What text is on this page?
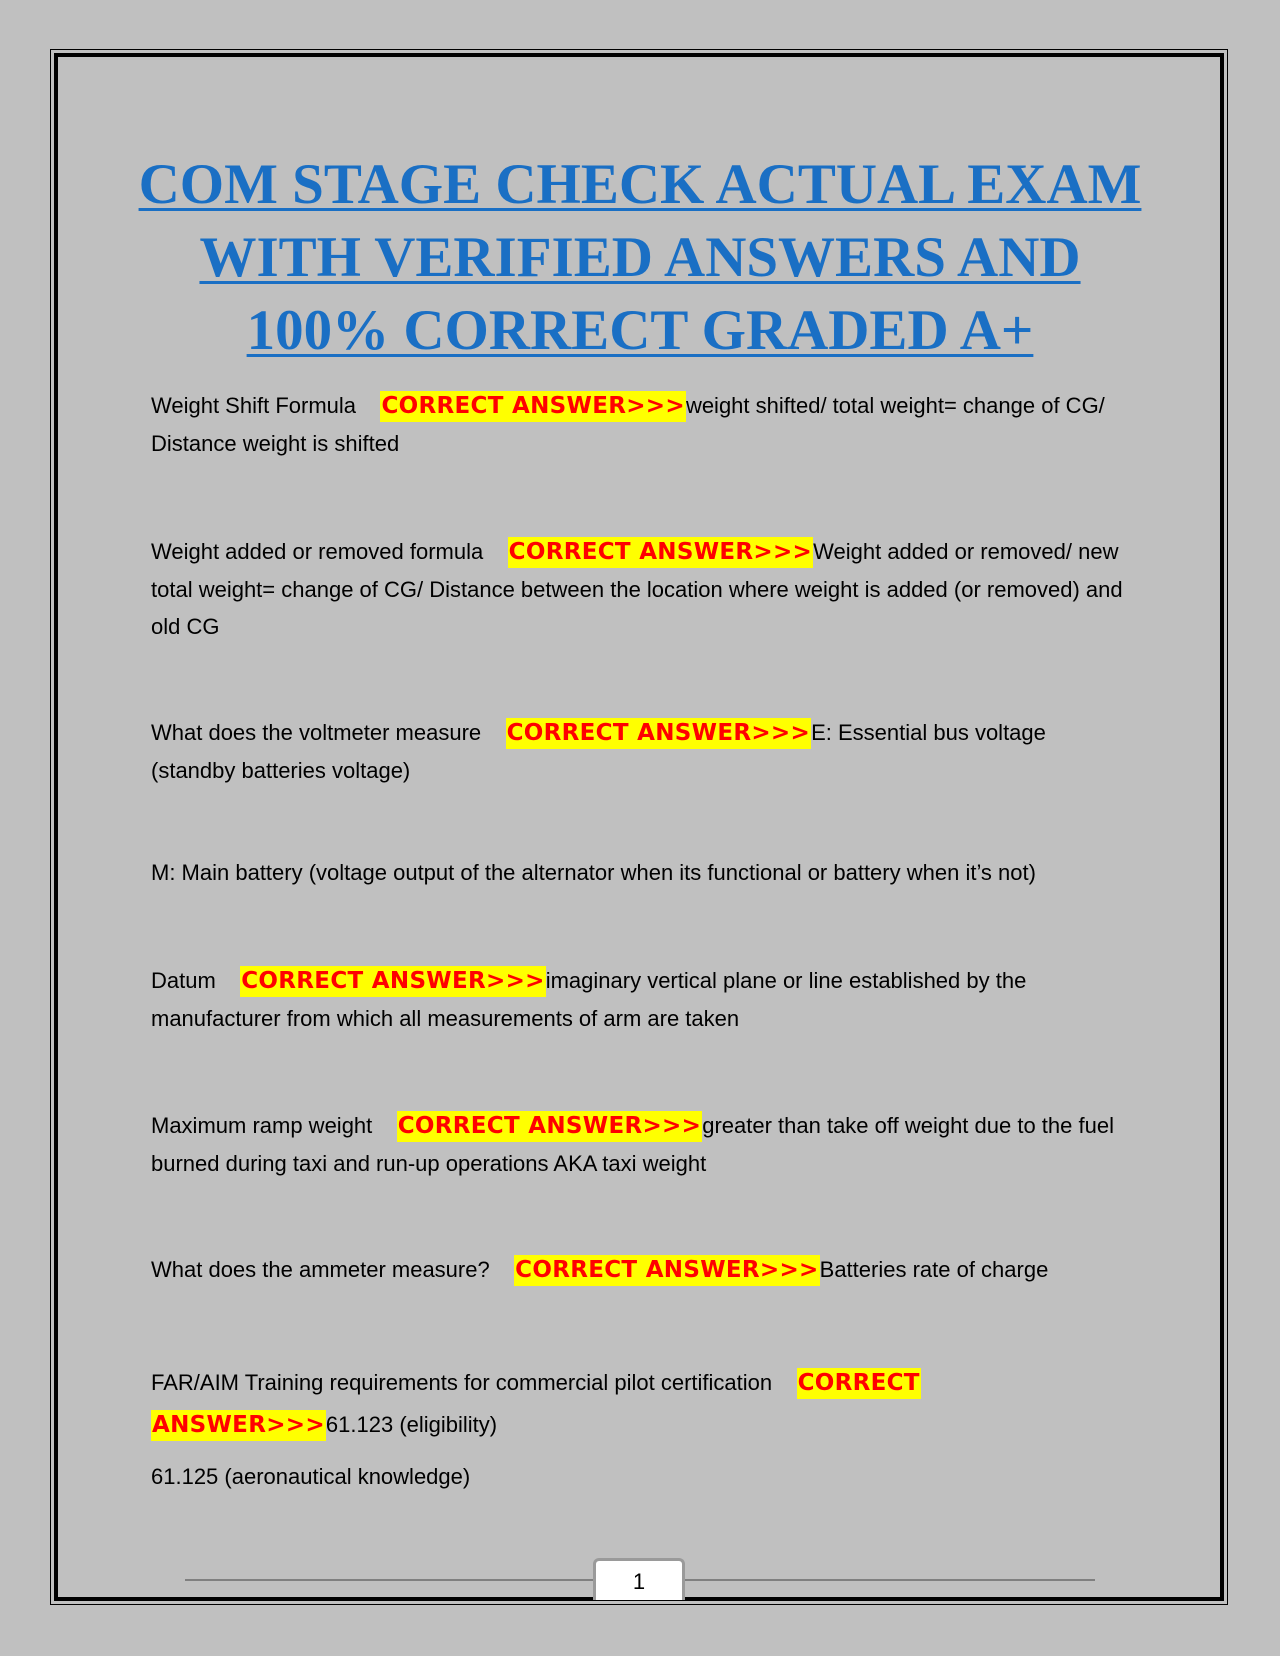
COM STAGE CHECK ACTUAL EXAM
WITH VERIFIED ANSWERS AND
100% CORRECT GRADED A+

Weight Shift Formula CORRECT ANSWER>>>weight shifted/ total weight= change of CG/ Distance weight is shifted

Weight added or removed formula CORRECT ANSWER>>>Weight added or removed/ new total weight= change of CG/ Distance between the location where weight is added (or removed) and old CG

What does the voltmeter measure CORRECT ANSWER>>>E: Essential bus voltage (standby batteries voltage)

M: Main battery (voltage output of the alternator when its functional or battery when it’s not)

Datum CORRECT ANSWER>>>imaginary vertical plane or line established by the manufacturer from which all measurements of arm are taken

Maximum ramp weight CORRECT ANSWER>>>greater than take off weight due to the fuel burned during taxi and run-up operations AKA taxi weight

What does the ammeter measure? CORRECT ANSWER>>>Batteries rate of charge

FAR/AIM Training requirements for commercial pilot certification CORRECT
ANSWER>>>61.123 (eligibility)

61.125 (aeronautical knowledge)

1
